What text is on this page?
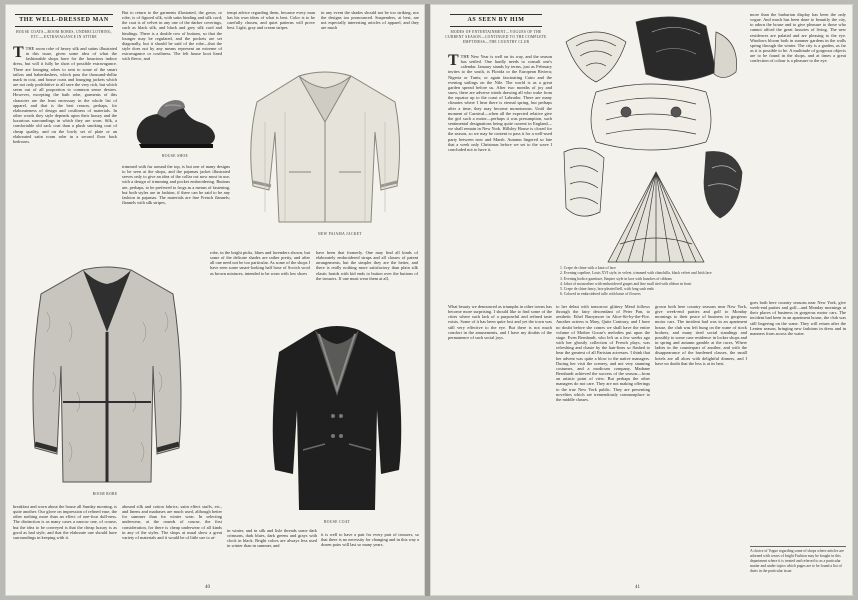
THE WELL-DRESSED MAN
HOUSE COATS—ROOM ROBES, UNDERCLOTHING, ETC.—EXTRAVAGANCE IN ATTIRE

TTHE room robe of heavy silk and satins illustrated in this issue, given some idea of what the fashionable shops have for the luxurious indoor dress, but will it fully be short of possible extravagance. There are lounging robes to sent to some of the smart tailors and haberdashers, which pass the thousand-dollar mark in cost, and house coats and lounging jackets which are not only prohibitive to all save the very rich, but which seem out of all proportion to common sense desires. However, excepting the bath robe, garments of this character are the least necessary in the whole list of apparel, and that is the best reason, perhaps, for elaborateness of design and costliness of materials. In other words they style depends upon their luxury and the luxurious surroundings in which they are worn. Silk, a comfortable old sack coat than a plush smoking coat of cheap quality, and on the lowly set of plate or an elaborated satin room robe in a second floor back bedroom.

But to return to the garments illustrated, the gown, or robe, is of figured silk, with satin binding and silk cord; the coat is of velvet in any one of the darker coverings, such as black silk, and black and grey silk cord and bindings. There is a double row of buttons, so that the lounger may be regulated, and the pockets are set diagonally, but it should be said of the robe—that the style does not by any means represent an extreme of extravagance or costliness. The felt house boot lined with fleece, and
tempt advice regarding them, because every man has his own ideas of what is best. Color is to be carefully chosen, and quiet patterns will prove best. Light, gray and cream stripes
in any event the shades should not be too striking, nor the designs too pronounced. Suspenders, at best, are not especially interesting articles of apparel, and they are much
HOUSE SHOE
trimmed with fur around the top, is but one of many designs to be seen at the shops, and the pajamas jacket illustrated serves only to give an idea of the collar cut now most in use, with a design of trimming and pocket embroidering. Buttons are, perhaps, to be preferred to frogs as a means of fastening, but both styles are in fashion, if there can be said to be any fashion in pajamas. The materials are fine French flannels; flannels with silk stripes,
NEW PAJAMA JACKET
robe, in the bright picks, blues and lavenders shown, but some of the delicate shades are rather pretty, and after all one need not be too particular. As some of the shops I have seen some smart-looking half hose of Scotch wool as brown mixtures, intended to be worn with low shoes
have been that formerly. One may find all kinds of elaborately embroidered straps and all classes of patent arrangements, but the simpler they are the better, and there is really nothing more satisfactory than plain silk elastic braids with kid ends to button over the buttons of the trousers. If one must wear them at all,
ROOM ROBE
HOUSE COAT
breakfast and worn about the house all Sunday morning, is quite another. Our glove on impression of refined ease, the other nothing more than an effect of one-four dull-ness. The distinction is as many cases a narrow one, of course, but the idea to be conveyed is that the cheap luxury is as good as bad style, and that the elaborate one should have surroundings in keeping with it.
abound silk and cotton fabrics; satin effect stuffs, etc., and linens and madrases are much used, although better for summer than for winter wear. In selecting underwear, at the rounds of course, the first consideration, for there is cheap underwear of all kinds in any of the styles. The shops at usual show a great variety of materials and it would be of little use to at-
in winter, and in silk and lisle threads some dark crimsons, dark blues, dark greens and grays with clock in black. Bright colors are always less used in winter than in summer, and
it is well to have a pair for every pair of trousers, so that there is no necessity for changing and in this way a dozen pairs will last so many years.
40
AS SEEN BY HIM
MODES OF ENTERTAINMENT—VOGUES OF THE CURRENT SEASON—CONTINUED TO THE COMPLETE EMPTINESS—THE COUNTRY CLUB

TTHE New Year is well on its way, and the season has settled. One hardly needs to consult one's calendar. January stands by terms, just as February invites to the south, is Florida or the European Riviera; Nigeria or Tunis; or again fascinating Cairo and the evening sailings on the Nile. The world is as a great garden spread before us. After two months of joy and snow, there are adverse winds drawing all who wake from the equator up to the coast of Labrador. There are many climates where I hear there is eternal spring, but perhaps after a time, they may become monotonous. Until the moment of Carnival—when all the expected relative give the girl such a motor—perhaps it was presumption, such sentimental designations being quite current in England—we shall remain in New York. Hillsley House is closed for the season, so we may be content to pass it for a well-used party between now and Marsh. Autumn lingered so late that a week only Christmas before we set to the wave I concluded not to have it.

more than the barbarian display has been the only vogue. And much has been done to beautify the city, to adorn the house and to give pleasure to those who cannot afford the great luxuries of living. The new residences are palatial and are pleasing to the eye. Windows bloom both in summer gardens in the walls spring through the winter. The city is a garden, as far as it is possible to be. A multitude of gorgeous objects are to be found in the shops, and at times a great confection of colour is a pleasure to the eye.
1. Crepe de chine with a knot of lace
2. Evening capeline, Louis XVI style, in velvet, trimmed with chinchilla, black velvet and Irish lace
3. Evening bodice garniture, Empire style in lace with bunches of ribbons
4. Jabot of mousseline with embroidered grapes and fine mull tied with ribbon in front
5. Crepe de chine fancy, box-pleated bell, with long sash ends
6. Colored in embroidered tulle with baste of flowers
to her debut with tomorrow glittery Mead follows through the fairy descendant of Peter Pan, to aesthetic Ethel Barrymore in Alice-Sit-by-the-Fire. Another actress is Mary, Quite Contrary, and I have no doubt before she comes we shall have the entire volume of Mother Goose's melodies put upon the stage. Even Bernhardt, who left us a few weeks ago with her ghostly collection of French plays, was refreshing and chaste by the hair-lines so flashed to hear the greatest of all Parisian actresses. I think that her advent was quite a blow to the native managers. During her visit the scenery, and not very stunning costumes, and a modicum company, Madame Bernhardt achieved the success of the season—from an artistic point of view. But perhaps the other managers do not care. They are not making offerings to the true New York public. They are presenting novelties which are tremendously commonplace to the middle classes.
grown both here country seasons near New York, give week-end parties and golf to Monday mornings to their peace of business in gorgeous motor cars. The incident had was in an apartment house, the club was left hung on the wane of stock brokers, and many tired social standings and possibly to some case residence in locker shops and in spring and autumn gamble at the races, Where ladies in the counterpart of another, and with the disappearance of the burdened classes, the small hotels are all aloes with delightful dinners, and I have no doubt that the less is at its best.
What beauty we denounced as triumphs in other towns has become more surprising. I should like to find some of the cities where such lack of a purposeful and refined taste exists. Some of it has been quite lost and yet the town was still very effective to the eye. But there is not much comfort in the amusements, and I have my doubts of the permanence of such social joys.
goes both here country seasons near New York, give week-end parties and golf—and Monday mornings at their places of business in gorgeous motor cars. The incident had been in an apartment house, the club was still lingering on the wane. They will return after the Lenten season, bringing new fashions in dress and in manners from across the water.
A choice of Vogue regarding some of shops where articles are adorned with wears of bright Fashion may be bought in this department where it is treated and referred to as a particular matter and under topics which pages are to be found a list of dates in the particular issue.
41
